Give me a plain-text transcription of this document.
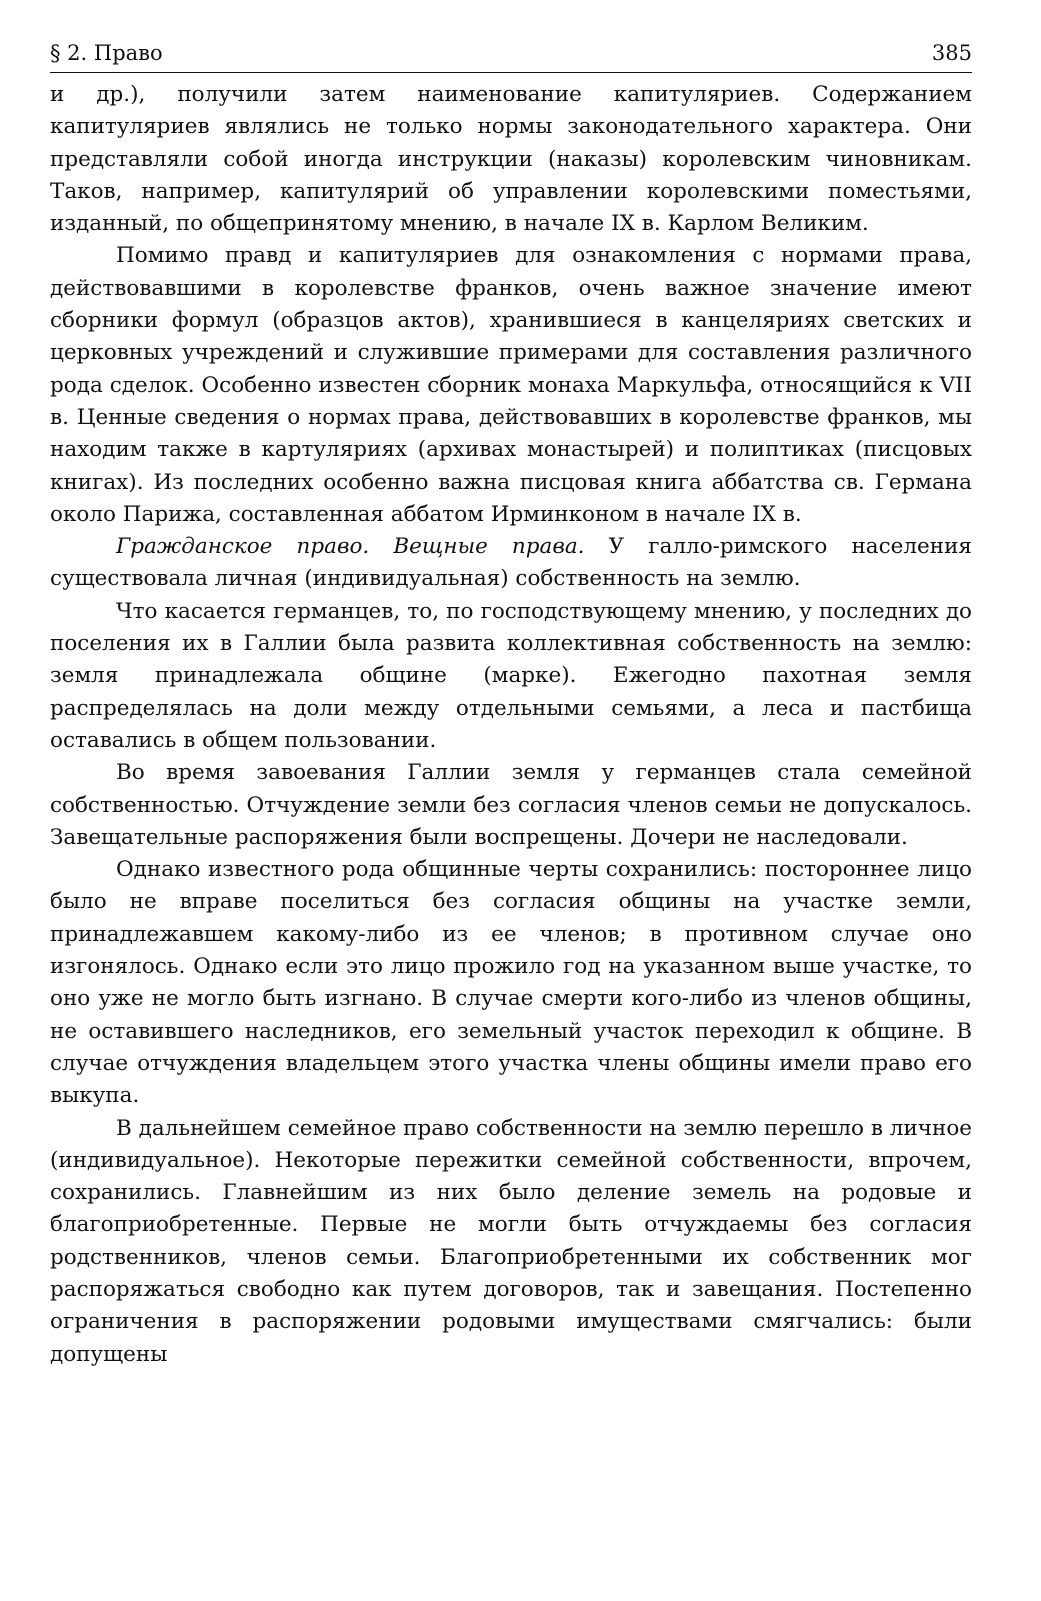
§ 2. Право	385

и др.), получили затем наименование капитуляриев. Содержанием капитуляриев являлись не только нормы законодательного характера. Они представляли собой иногда инструкции (наказы) королевским чиновникам. Таков, например, капитулярий об управлении королевскими поместьями, изданный, по общепринятому мнению, в начале IX в. Карлом Великим.

Помимо правд и капитуляриев для ознакомления с нормами права, действовавшими в королевстве франков, очень важное значение имеют сборники формул (образцов актов), хранившиеся в канцеляриях светских и церковных учреждений и служившие примерами для составления различного рода сделок. Особенно известен сборник монаха Маркульфа, относящийся к VII в. Ценные сведения о нормах права, действовавших в королевстве франков, мы находим также в картуляриях (архивах монастырей) и полиптиках (писцовых книгах). Из последних особенно важна писцовая книга аббатства св. Германа около Парижа, составленная аббатом Ирминконом в начале IX в.

Гражданское право. Вещные права. У галло-римского населения существовала личная (индивидуальная) собственность на землю.

Что касается германцев, то, по господствующему мнению, у последних до поселения их в Галлии была развита коллективная собственность на землю: земля принадлежала общине (марке). Ежегодно пахотная земля распределялась на доли между отдельными семьями, а леса и пастбища оставались в общем пользовании.

Во время завоевания Галлии земля у германцев стала семейной собственностью. Отчуждение земли без согласия членов семьи не допускалось. Завещательные распоряжения были воспрещены. Дочери не наследовали.

Однако известного рода общинные черты сохранились: постороннее лицо было не вправе поселиться без согласия общины на участке земли, принадлежавшем какому-либо из ее членов; в противном случае оно изгонялось. Однако если это лицо прожило год на указанном выше участке, то оно уже не могло быть изгнано. В случае смерти кого-либо из членов общины, не оставившего наследников, его земельный участок переходил к общине. В случае отчуждения владельцем этого участка члены общины имели право его выкупа.

В дальнейшем семейное право собственности на землю перешло в личное (индивидуальное). Некоторые пережитки семейной собственности, впрочем, сохранились. Главнейшим из них было деление земель на родовые и благоприобретенные. Первые не могли быть отчуждаемы без согласия родственников, членов семьи. Благоприобретенными их собственник мог распоряжаться свободно как путем договоров, так и завещания. Постепенно ограничения в распоряжении родовыми имуществами смягчались: были допущены
